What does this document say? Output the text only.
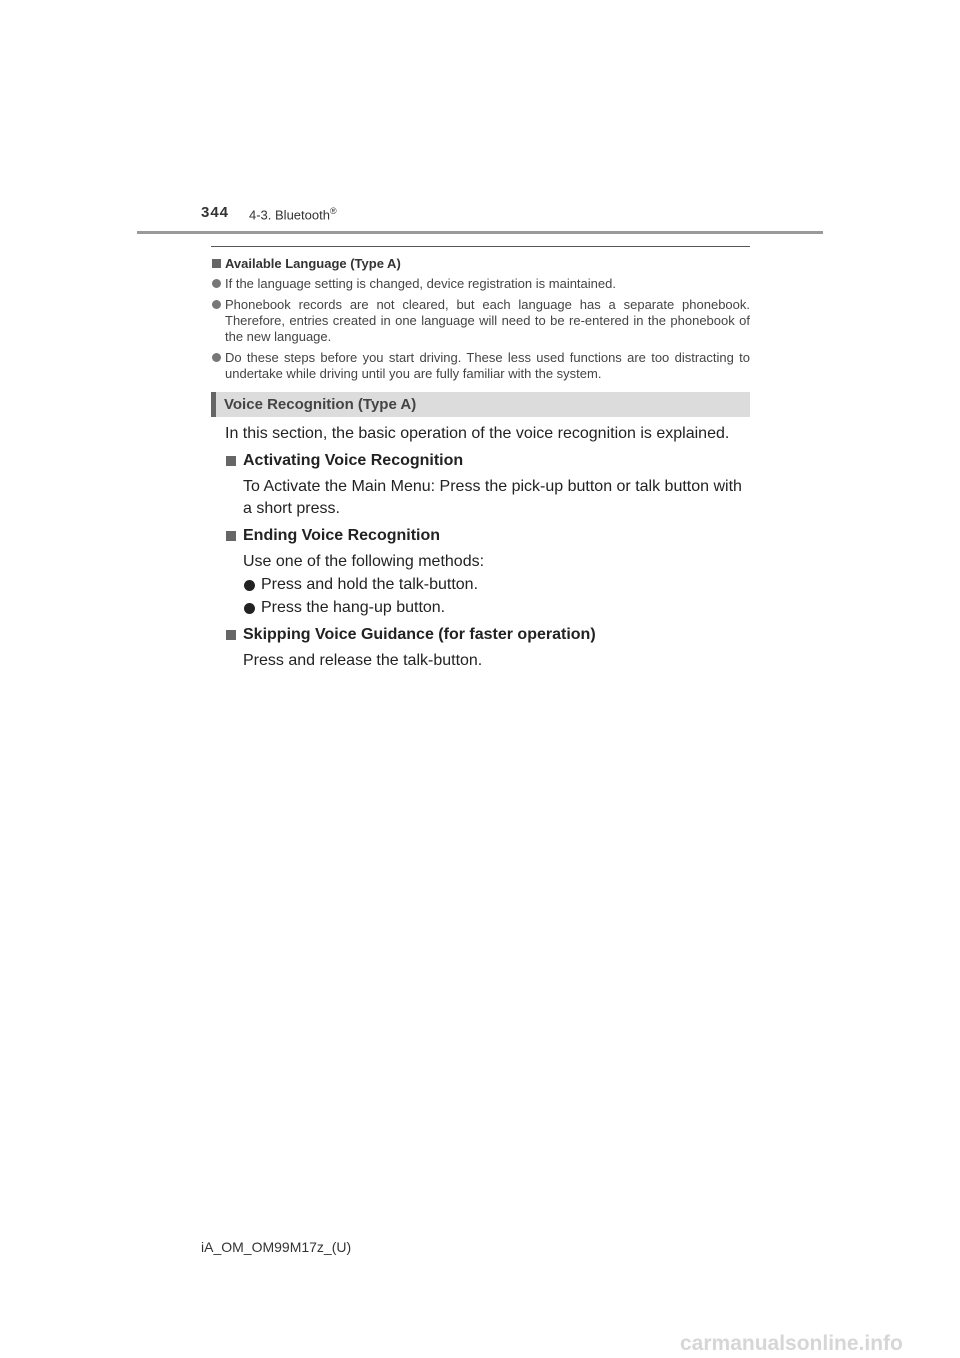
344 4-3. Bluetooth®
Available Language (Type A)
If the language setting is changed, device registration is maintained.
Phonebook records are not cleared, but each language has a separate phonebook. Therefore, entries created in one language will need to be re-entered in the phonebook of the new language.
Do these steps before you start driving. These less used functions are too distracting to undertake while driving until you are fully familiar with the system.
Voice Recognition (Type A)
In this section, the basic operation of the voice recognition is explained.
Activating Voice Recognition
To Activate the Main Menu: Press the pick-up button or talk button with a short press.
Ending Voice Recognition
Use one of the following methods:
Press and hold the talk-button.
Press the hang-up button.
Skipping Voice Guidance (for faster operation)
Press and release the talk-button.
iA_OM_OM99M17z_(U)
carmanualsonline.info
